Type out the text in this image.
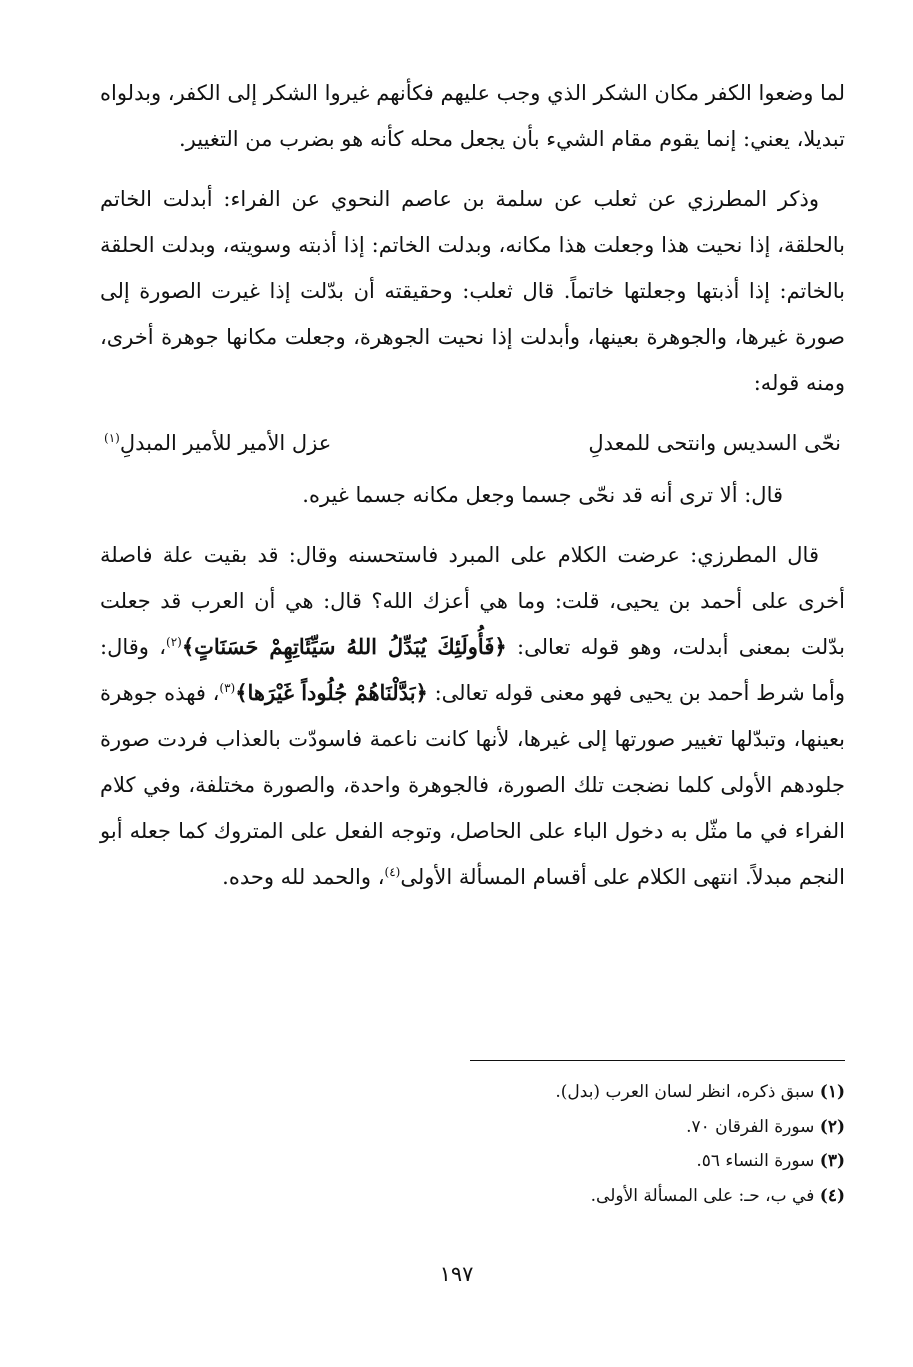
لما وضعوا الكفر مكان الشكر الذي وجب عليهم فكأنهم غيروا الشكر إلى الكفر، وبدلواه تبديلا، يعني: إنما يقوم مقام الشيء بأن يجعل محله كأنه هو بضرب من التغيير.

وذكر المطرزي عن ثعلب عن سلمة بن عاصم النحوي عن الفراء: أبدلت الخاتم بالحلقة، إذا نحيت هذا وجعلت هذا مكانه، وبدلت الخاتم: إذا أذبته وسويته، وبدلت الحلقة بالخاتم: إذا أذبتها وجعلتها خاتماً. قال ثعلب: وحقيقته أن بدّلت إذا غيرت الصورة إلى صورة غيرها، والجوهرة بعينها، وأبدلت إذا نحيت الجوهرة، وجعلت مكانها جوهرة أخرى، ومنه قوله:

نحّى السديس وانتحى للمعدلِ
عزل الأمير للأمير المبدلِ$^{(١)}$

قال: ألا ترى أنه قد نحّى جسما وجعل مكانه جسما غيره.

قال المطرزي: عرضت الكلام على المبرد فاستحسنه وقال: قد بقيت علة فاصلة أخرى على أحمد بن يحيى، قلت: وما هي أعزك الله؟ قال: هي أن العرب قد جعلت بدّلت بمعنى أبدلت، وهو قوله تعالى: ﴿فَأُولَئِكَ يُبَدِّلُ اللهُ سَيِّئَاتِهِمْ حَسَنَاتٍ﴾$^{(٢)}$، وقال: وأما شرط أحمد بن يحيى فهو معنى قوله تعالى: ﴿بَدَّلْنَاهُمْ جُلُوداً غَيْرَها﴾$^{(٣)}$، فهذه جوهرة بعينها، وتبدّلها تغيير صورتها إلى غيرها، لأنها كانت ناعمة فاسودّت بالعذاب فردت صورة جلودهم الأولى كلما نضجت تلك الصورة، فالجوهرة واحدة، والصورة مختلفة، وفي كلام الفراء في ما مثّل به دخول الباء على الحاصل، وتوجه الفعل على المتروك كما جعله أبو النجم مبدلاً. انتهى الكلام على أقسام المسألة الأولى$^{(٤)}$، والحمد لله وحده.

(١) سبق ذكره، انظر لسان العرب (بدل).

(٢) سورة الفرقان ٧٠.

(٣) سورة النساء ٥٦.

(٤) في ب، حـ: على المسألة الأولى.

١٩٧
